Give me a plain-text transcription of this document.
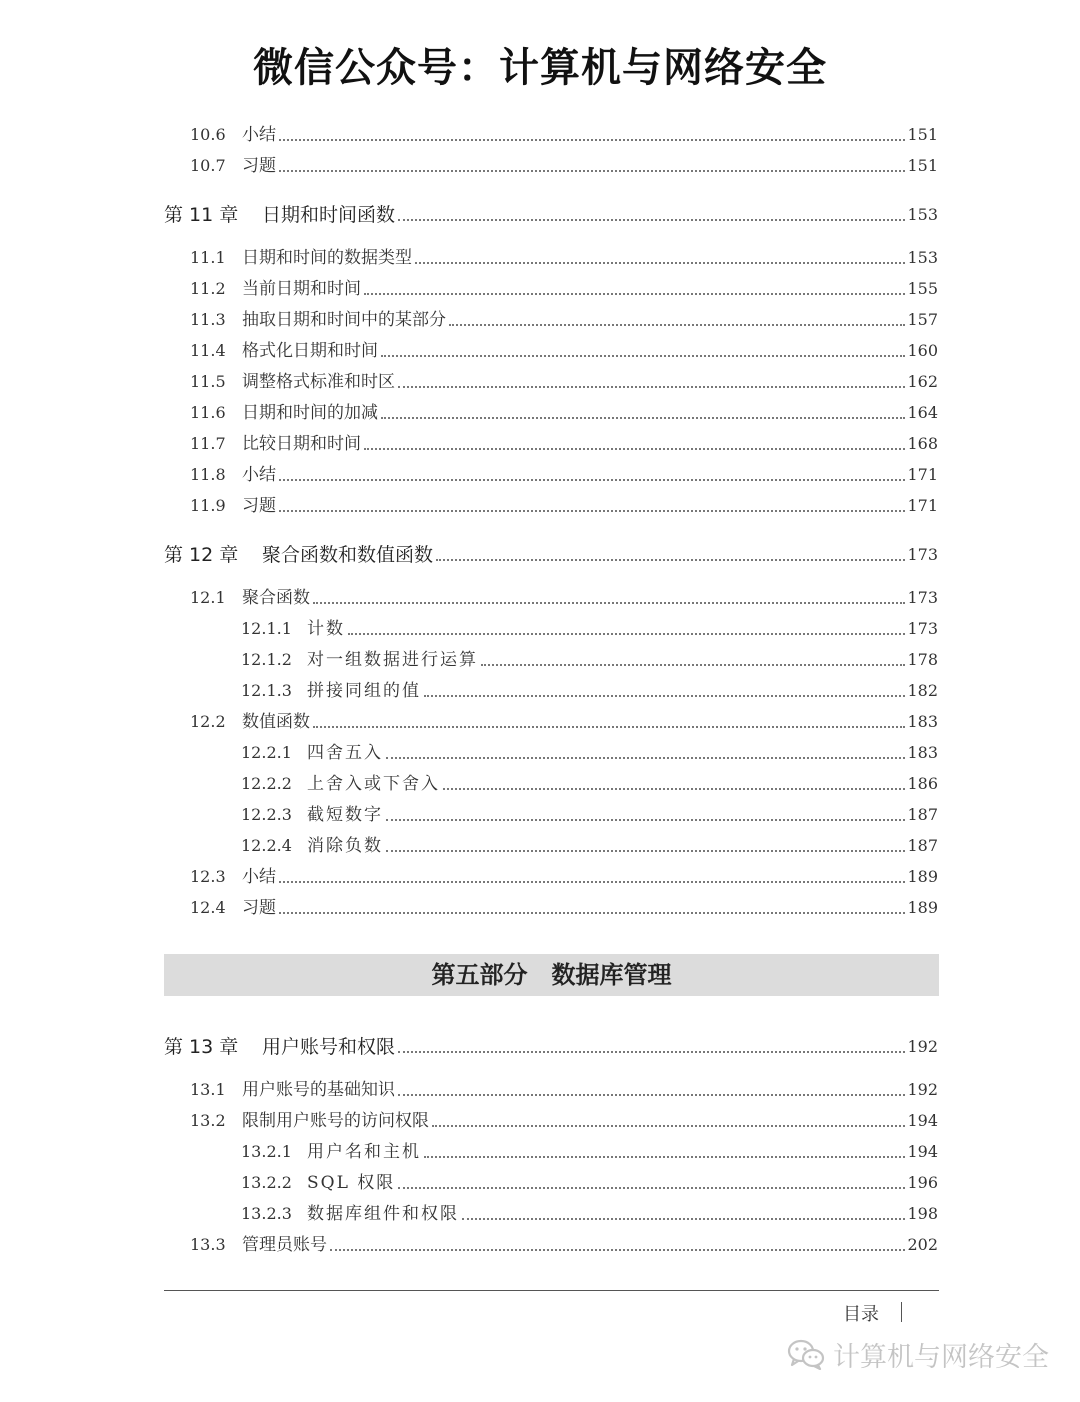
微信公众号：计算机与网络安全
10.6 小结	151
10.7 习题	151
第 11 章	日期和时间函数	153
11.1 日期和时间的数据类型	153
11.2 当前日期和时间	155
11.3 抽取日期和时间中的某部分	157
11.4 格式化日期和时间	160
11.5 调整格式标准和时区	162
11.6 日期和时间的加减	164
11.7 比较日期和时间	168
11.8 小结	171
11.9 习题	171
第 12 章	聚合函数和数值函数	173
12.1 聚合函数	173
12.1.1 计数	173
12.1.2 对一组数据进行运算	178
12.1.3 拼接同组的值	182
12.2 数值函数	183
12.2.1 四舍五入	183
12.2.2 上舍入或下舍入	186
12.2.3 截短数字	187
12.2.4 消除负数	187
12.3 小结	189
12.4 习题	189
第五部分　数据库管理
第 13 章	用户账号和权限	192
13.1 用户账号的基础知识	192
13.2 限制用户账号的访问权限	194
13.2.1 用户名和主机	194
13.2.2 SQL 权限	196
13.2.3 数据库组件和权限	198
13.3 管理员账号	202
目录
计算机与网络安全
